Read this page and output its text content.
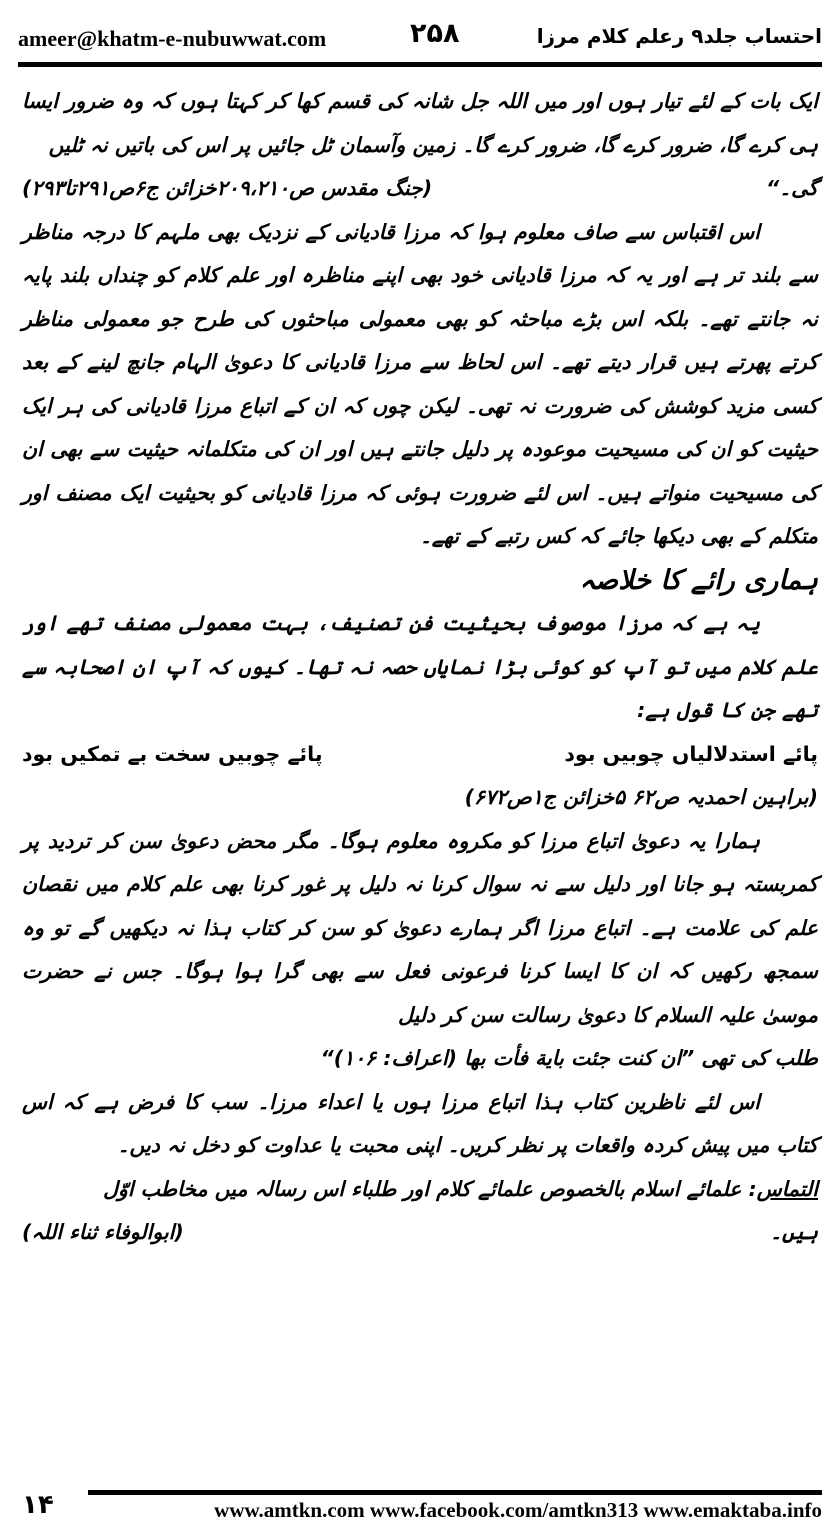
ameer@khatm-e-nubuwwat.com	۲۵۸	احتساب جلد۹ رعلم کلام مرزا

ایک بات کے لئے تیار ہوں اور میں اللہ جل شانہ کی قسم کھا کر کہتا ہوں کہ وہ ضرور ایسا ہی کرے گا، ضرور کرے گا، ضرور کرے گا۔ زمین وآسمان ٹل جائیں پر اس کی باتیں نہ ٹلیں

گی۔“
(جنگ مقدس ص۲۰۹،۲۱۰خزائن ج۶ص۲۹۱تا۲۹۳)

اس اقتباس سے صاف معلوم ہوا کہ مرزا قادیانی کے نزدیک بھی ملہم کا درجہ مناظر سے بلند تر ہے اور یہ کہ مرزا قادیانی خود بھی اپنے مناظرہ اور علم کلام کو چنداں بلند پایہ نہ جانتے تھے۔ بلکہ اس بڑے مباحثہ کو بھی معمولی مباحثوں کی طرح جو معمولی مناظر کرتے پھرتے ہیں قرار دیتے تھے۔ اس لحاظ سے مرزا قادیانی کا دعویٰ الہام جانچ لینے کے بعد کسی مزید کوشش کی ضرورت نہ تھی۔ لیکن چوں کہ ان کے اتباع مرزا قادیانی کی ہر ایک حیثیت کو ان کی مسیحیت موعودہ پر دلیل جانتے ہیں اور ان کی متکلمانہ حیثیت سے بھی ان کی مسیحیت منواتے ہیں۔ اس لئے ضرورت ہوئی کہ مرزا قادیانی کو بحیثیت ایک مصنف اور متکلم کے بھی دیکھا جائے کہ کس رتبے کے تھے۔

ہماری رائے کا خلاصہ

یہ ہے کہ مرزا موصوف بحیثیت فن تصنیف، بہت معمولی مصنف تھے اور علم کلام میں تو آپ کو کوئی بڑا نمایاں حصہ نہ تھا۔ کیوں کہ آپ ان اصحابہ سے تھے جن کا قول ہے:

پائے استدلالیاں چوبیں بود
پائے چوبیں سخت بے تمکیں بود

(براہین احمدیہ ص۶۲ ۵خزائن ج۱ص۶۷۲)

ہمارا یہ دعویٰ اتباع مرزا کو مکروہ معلوم ہوگا۔ مگر محض دعویٰ سن کر تردید پر کمربستہ ہو جانا اور دلیل سے نہ سوال کرنا نہ دلیل پر غور کرنا بھی علم کلام میں نقصان علم کی علامت ہے۔ اتباع مرزا اگر ہمارے دعویٰ کو سن کر کتاب ہذا نہ دیکھیں گے تو وہ سمجھ رکھیں کہ ان کا ایسا کرنا فرعونی فعل سے بھی گرا ہوا ہوگا۔ جس نے حضرت موسیٰ علیہ السلام کا دعویٰ رسالت سن کر دلیل

طلب کی تھی ”ان کنت جئت بایة فأت بها (اعراف: ۱۰۶)“

اس لئے ناظرین کتاب ہذا اتباع مرزا ہوں یا اعداء مرزا۔ سب کا فرض ہے کہ اس کتاب میں پیش کردہ واقعات پر نظر کریں۔ اپنی محبت یا عداوت کو دخل نہ دیں۔

التماس: علمائے اسلام بالخصوص علمائے کلام اور طلباء اس رسالہ میں مخاطب اوّل

ہیں۔
(ابوالوفاء ثناء اللہ)

۱۴	www.amtkn.com www.facebook.com/amtkn313 www.emaktaba.info
